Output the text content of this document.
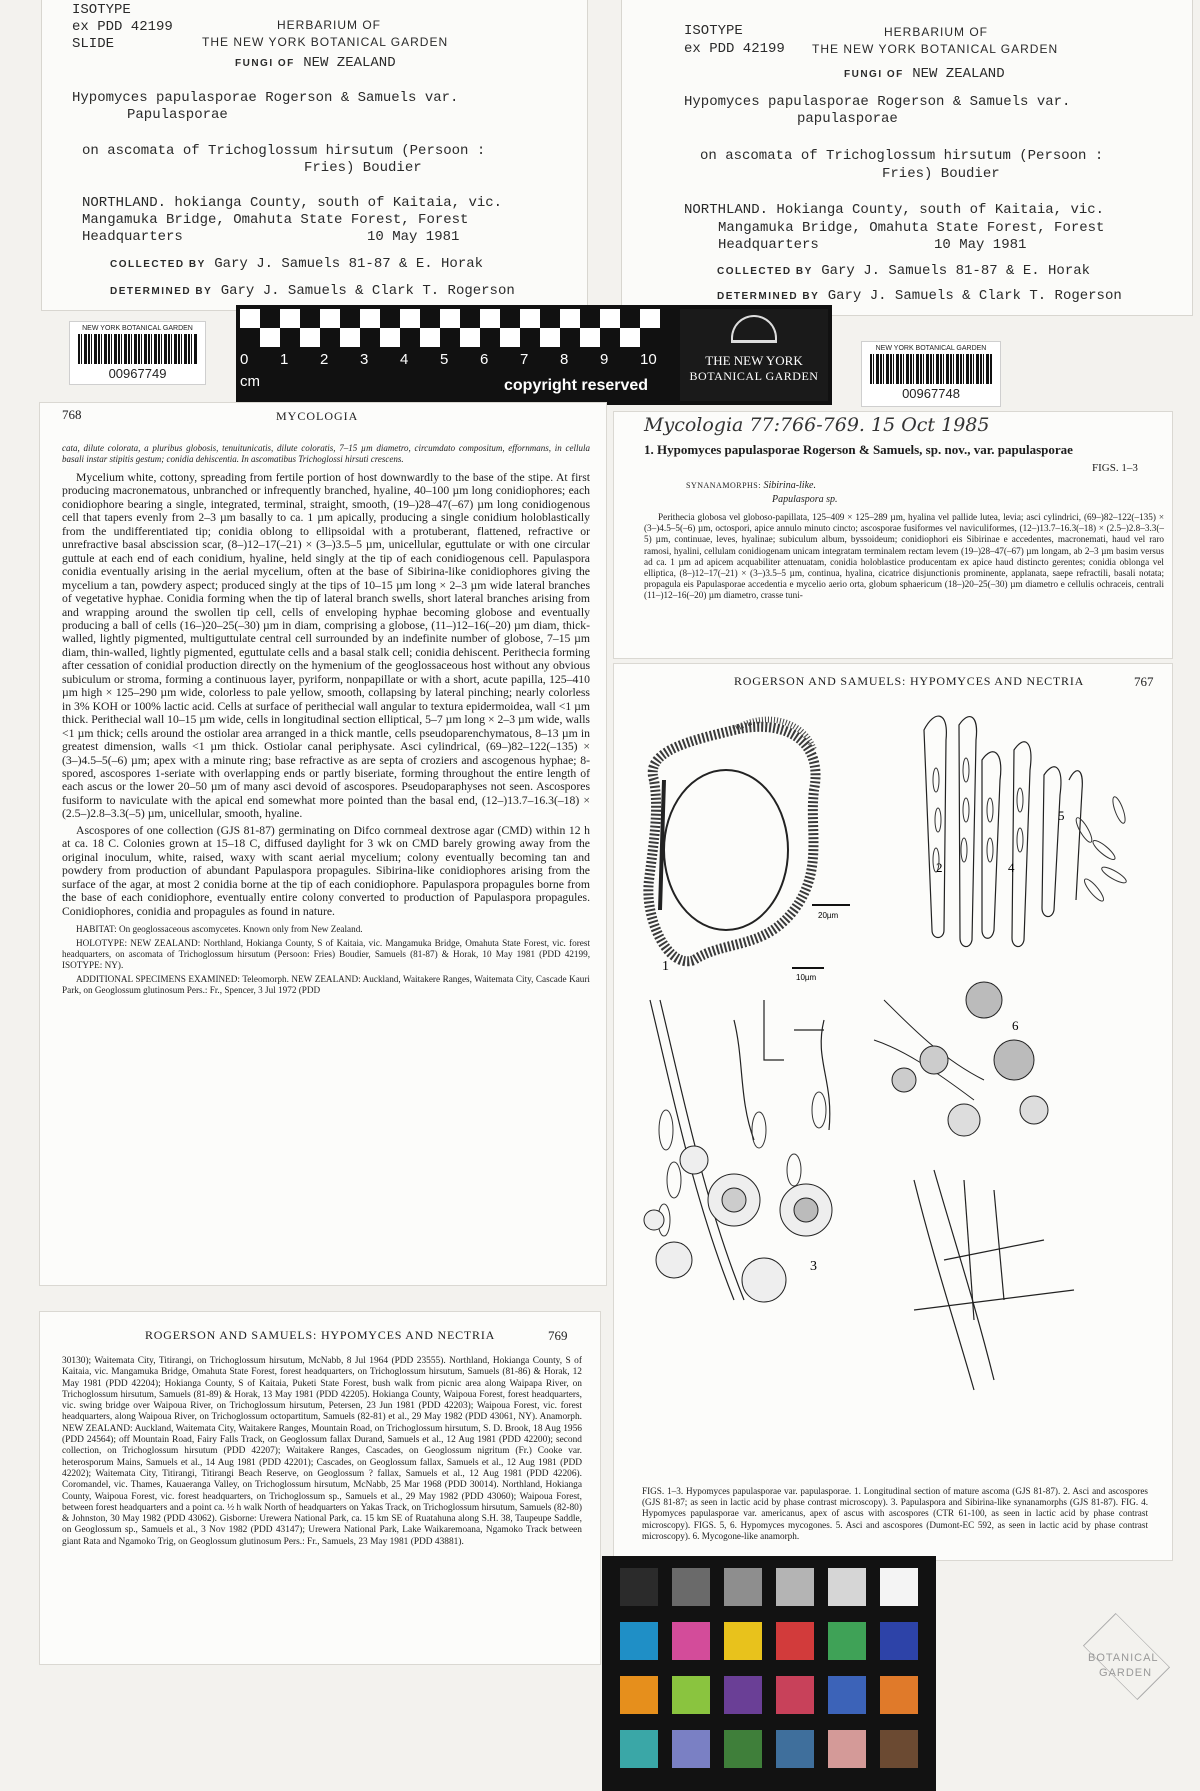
ISOTYPE
ex PDD 42199
SLIDE
HERBARIUM OF
THE NEW YORK BOTANICAL GARDEN
FUNGI OF NEW ZEALAND
Hypomyces papulasporae Rogerson & Samuels var.
Papulasporae
on ascomata of Trichoglossum hirsutum (Persoon :
Fries) Boudier
NORTHLAND. hokianga County, south of Kaitaia, vic.
Mangamuka Bridge, Omahuta State Forest, Forest
Headquarters	10 May 1981
COLLECTED BY Gary J. Samuels 81-87 & E. Horak
DETERMINED BY Gary J. Samuels & Clark T. Rogerson
ISOTYPE
ex PDD 42199
HERBARIUM OF
THE NEW YORK BOTANICAL GARDEN
FUNGI OF NEW ZEALAND
Hypomyces papulasporae Rogerson & Samuels var.
papulasporae
on ascomata of Trichoglossum hirsutum (Persoon :
Fries) Boudier
NORTHLAND. Hokianga County, south of Kaitaia, vic.
Mangamuka Bridge, Omahuta State Forest, Forest
Headquarters	10 May 1981
COLLECTED BY Gary J. Samuels 81-87 & E. Horak
DETERMINED BY Gary J. Samuels & Clark T. Rogerson
NEW YORK BOTANICAL GARDEN
00967749
NEW YORK BOTANICAL GARDEN
00967748
0 1 2 3 4 5 6 7 8 9 10
cm	copyright reserved
THE NEW YORK
BOTANICAL GARDEN
768	MYCOLOGIA

cata, dilute colorata, a pluribus globosis, tenuitunicatis, dilute coloratis, 7–15 µm diametro, circumdato compositum, effornmans, in cellula basali instar stipitis gestum; conidia dehiscentia. In ascomatibus Trichoglossi hirsuti crescens.

Mycelium white, cottony, spreading from fertile portion of host downwardly to the base of the stipe. At first producing macronematous, unbranched or infrequently branched, hyaline, 40–100 µm long conidiophores; each conidiophore bearing a single, integrated, terminal, straight, smooth, (19–)28–47(–67) µm long conidiogenous cell that tapers evenly from 2–3 µm basally to ca. 1 µm apically, producing a single conidium holoblastically from the undifferentiated tip; conidia oblong to ellipsoidal with a protuberant, flattened, refractive or unrefractive basal abscission scar, (8–)12–17(–21) × (3–)3.5–5 µm, unicellular, eguttulate or with one circular guttule at each end of each conidium, hyaline, held singly at the tip of each conidiogenous cell. Papulaspora conidia eventually arising in the aerial mycelium, often at the base of Sibirina-like conidiophores giving the mycelium a tan, powdery aspect; produced singly at the tips of 10–15 µm long × 2–3 µm wide lateral branches of vegetative hyphae. Conidia forming when the tip of lateral branch swells, short lateral branches arising from and wrapping around the swollen tip cell, cells of enveloping hyphae becoming globose and eventually producing a ball of cells (16–)20–25(–30) µm in diam, comprising a globose, (11–)12–16(–20) µm diam, thick-walled, lightly pigmented, multiguttulate central cell surrounded by an indefinite number of globose, 7–15 µm diam, thin-walled, lightly pigmented, eguttulate cells and a basal stalk cell; conidia dehiscent. Perithecia forming after cessation of conidial production directly on the hymenium of the geoglossaceous host without any obvious subiculum or stroma, forming a continuous layer, pyriform, nonpapillate or with a short, acute papilla, 125–410 µm high × 125–290 µm wide, colorless to pale yellow, smooth, collapsing by lateral pinching; nearly colorless in 3% KOH or 100% lactic acid. Cells at surface of perithecial wall angular to textura epidermoidea, wall <1 µm thick. Perithecial wall 10–15 µm wide, cells in longitudinal section elliptical, 5–7 µm long × 2–3 µm wide, walls <1 µm thick; cells around the ostiolar area arranged in a thick mantle, cells pseudoparenchymatous, 8–13 µm in greatest dimension, walls <1 µm thick. Ostiolar canal periphysate. Asci cylindrical, (69–)82–122(–135) × (3–)4.5–5(–6) µm; apex with a minute ring; base refractive as are septa of croziers and ascogenous hyphae; 8-spored, ascospores 1-seriate with overlapping ends or partly biseriate, forming throughout the entire length of each ascus or the lower 20–50 µm of many asci devoid of ascospores. Pseudoparaphyses not seen. Ascospores fusiform to naviculate with the apical end somewhat more pointed than the basal end, (12–)13.7–16.3(–18) × (2.5–)2.8–3.3(–5) µm, unicellular, smooth, hyaline.

Ascospores of one collection (GJS 81-87) germinating on Difco cornmeal dextrose agar (CMD) within 12 h at ca. 18 C. Colonies grown at 15–18 C, diffused daylight for 3 wk on CMD barely growing away from the original inoculum, white, raised, waxy with scant aerial mycelium; colony eventually becoming tan and powdery from production of abundant Papulaspora propagules. Sibirina-like conidiophores arising from the surface of the agar, at most 2 conidia borne at the tip of each conidiophore. Papulaspora propagules borne from the base of each conidiophore, eventually entire colony converted to production of Papulaspora propagules. Conidiophores, conidia and propagules as found in nature.

HABITAT: On geoglossaceous ascomycetes. Known only from New Zealand.

HOLOTYPE: NEW ZEALAND: Northland, Hokianga County, S of Kaitaia, vic. Mangamuka Bridge, Omahuta State Forest, vic. forest headquarters, on ascomata of Trichoglossum hirsutum (Persoon: Fries) Boudier, Samuels (81-87) & Horak, 10 May 1981 (PDD 42199, ISOTYPE: NY).

ADDITIONAL SPECIMENS EXAMINED: Teleomorph. NEW ZEALAND: Auckland, Waitakere Ranges, Waitemata City, Cascade Kauri Park, on Geoglossum glutinosum Pers.: Fr., Spencer, 3 Jul 1972 (PDD

ROGERSON AND SAMUELS: HYPOMYCES AND NECTRIA	769

30130); Waitemata City, Titirangi, on Trichoglossum hirsutum, McNabb, 8 Jul 1964 (PDD 23555). Northland, Hokianga County, S of Kaitaia, vic. Mangamuka Bridge, Omahuta State Forest, forest headquarters, on Trichoglossum hirsutum, Samuels (81-86) & Horak, 12 May 1981 (PDD 42204); Hokianga County, S of Kaitaia, Puketi State Forest, bush walk from picnic area along Waipapa River, on Trichoglossum hirsutum, Samuels (81-89) & Horak, 13 May 1981 (PDD 42205). Hokianga County, Waipoua Forest, forest headquarters, vic. swing bridge over Waipoua River, on Trichoglossum hirsutum, Petersen, 23 Jun 1981 (PDD 42203); Waipoua Forest, vic. forest headquarters, along Waipoua River, on Trichoglossum octopartitum, Samuels (82-81) et al., 29 May 1982 (PDD 43061, NY). Anamorph. NEW ZEALAND: Auckland, Waitemata City, Waitakere Ranges, Mountain Road, on Trichoglossum hirsutum, S. D. Brook, 18 Aug 1956 (PDD 24564); off Mountain Road, Fairy Falls Track, on Geoglossum fallax Durand, Samuels et al., 12 Aug 1981 (PDD 42200); second collection, on Trichoglossum hirsutum (PDD 42207); Waitakere Ranges, Cascades, on Geoglossum nigritum (Fr.) Cooke var. heterosporum Mains, Samuels et al., 14 Aug 1981 (PDD 42201); Cascades, on Geoglossum fallax, Samuels et al., 12 Aug 1981 (PDD 42202); Waitemata City, Titirangi, Titirangi Beach Reserve, on Geoglossum ? fallax, Samuels et al., 12 Aug 1981 (PDD 42206). Coromandel, vic. Thames, Kauaeranga Valley, on Trichoglossum hirsutum, McNabb, 25 Mar 1968 (PDD 30014). Northland, Hokianga County, Waipoua Forest, vic. forest headquarters, on Trichoglossum sp., Samuels et al., 29 May 1982 (PDD 43060); Waipoua Forest, between forest headquarters and a point ca. ½ h walk North of headquarters on Yakas Track, on Trichoglossum hirsutum, Samuels (82-80) & Johnston, 30 May 1982 (PDD 43062). Gisborne: Urewera National Park, ca. 15 km SE of Ruatahuna along S.H. 38, Taupeupe Saddle, on Geoglossum sp., Samuels et al., 3 Nov 1982 (PDD 43147); Urewera National Park, Lake Waikaremoana, Ngamoko Track between giant Rata and Ngamoko Trig, on Geoglossum glutinosum Pers.: Fr., Samuels, 23 May 1981 (PDD 43881).

Mycologia 77:766-769. 15 Oct 1985
1. Hypomyces papulasporae Rogerson & Samuels, sp. nov., var. papulasporae
FIGS. 1–3
SYNANAMORPHS: Sibirina-like.
Papulaspora sp.

Perithecia globosa vel globoso-papillata, 125–409 × 125–289 µm, hyalina vel pallide lutea, levia; asci cylindrici, (69–)82–122(–135) × (3–)4.5–5(–6) µm, octospori, apice annulo minuto cincto; ascosporae fusiformes vel naviculiformes, (12–)13.7–16.3(–18) × (2.5–)2.8–3.3(–5) µm, continuae, leves, hyalinae; subiculum album, byssoideum; conidiophori eis Sibirinae e accedentes, macronemati, haud vel raro ramosi, hyalini, cellulam conidiogenam unicam integratam terminalem rectam levem (19–)28–47(–67) µm longam, ab 2–3 µm basim versus ad ca. 1 µm ad apicem acquabiliter attenuatam, conidia holoblastice producentam ex apice haud distincto gerentes; conidia oblonga vel elliptica, (8–)12–17(–21) × (3–)3.5–5 µm, continua, hyalina, cicatrice disjunctionis prominente, applanata, saepe refractili, basali notata; propagula eis Papulasporae accedentia e mycelio aerio orta, globum sphaericum (18–)20–25(–30) µm diametro e cellulis ochraceis, centrali (11–)12–16(–20) µm diametro, crasse tuni-

ROGERSON AND SAMUELS: HYPOMYCES AND NECTRIA	767
20µm
1
2	4
5
10µm
3
6

FIGS. 1–3. Hypomyces papulasporae var. papulasporae. 1. Longitudinal section of mature ascoma (GJS 81-87). 2. Asci and ascospores (GJS 81-87; as seen in lactic acid by phase contrast microscopy). 3. Papulaspora and Sibirina-like synanamorphs (GJS 81-87). FIG. 4. Hypomyces papulasporae var. americanus, apex of ascus with ascospores (CTR 61-100, as seen in lactic acid by phase contrast microscopy). FIGS. 5, 6. Hypomyces mycogones. 5. Asci and ascospores (Dumont-EC 592, as seen in lactic acid by phase contrast microscopy). 6. Mycogone-like anamorph.

BOTANICAL
GARDEN
